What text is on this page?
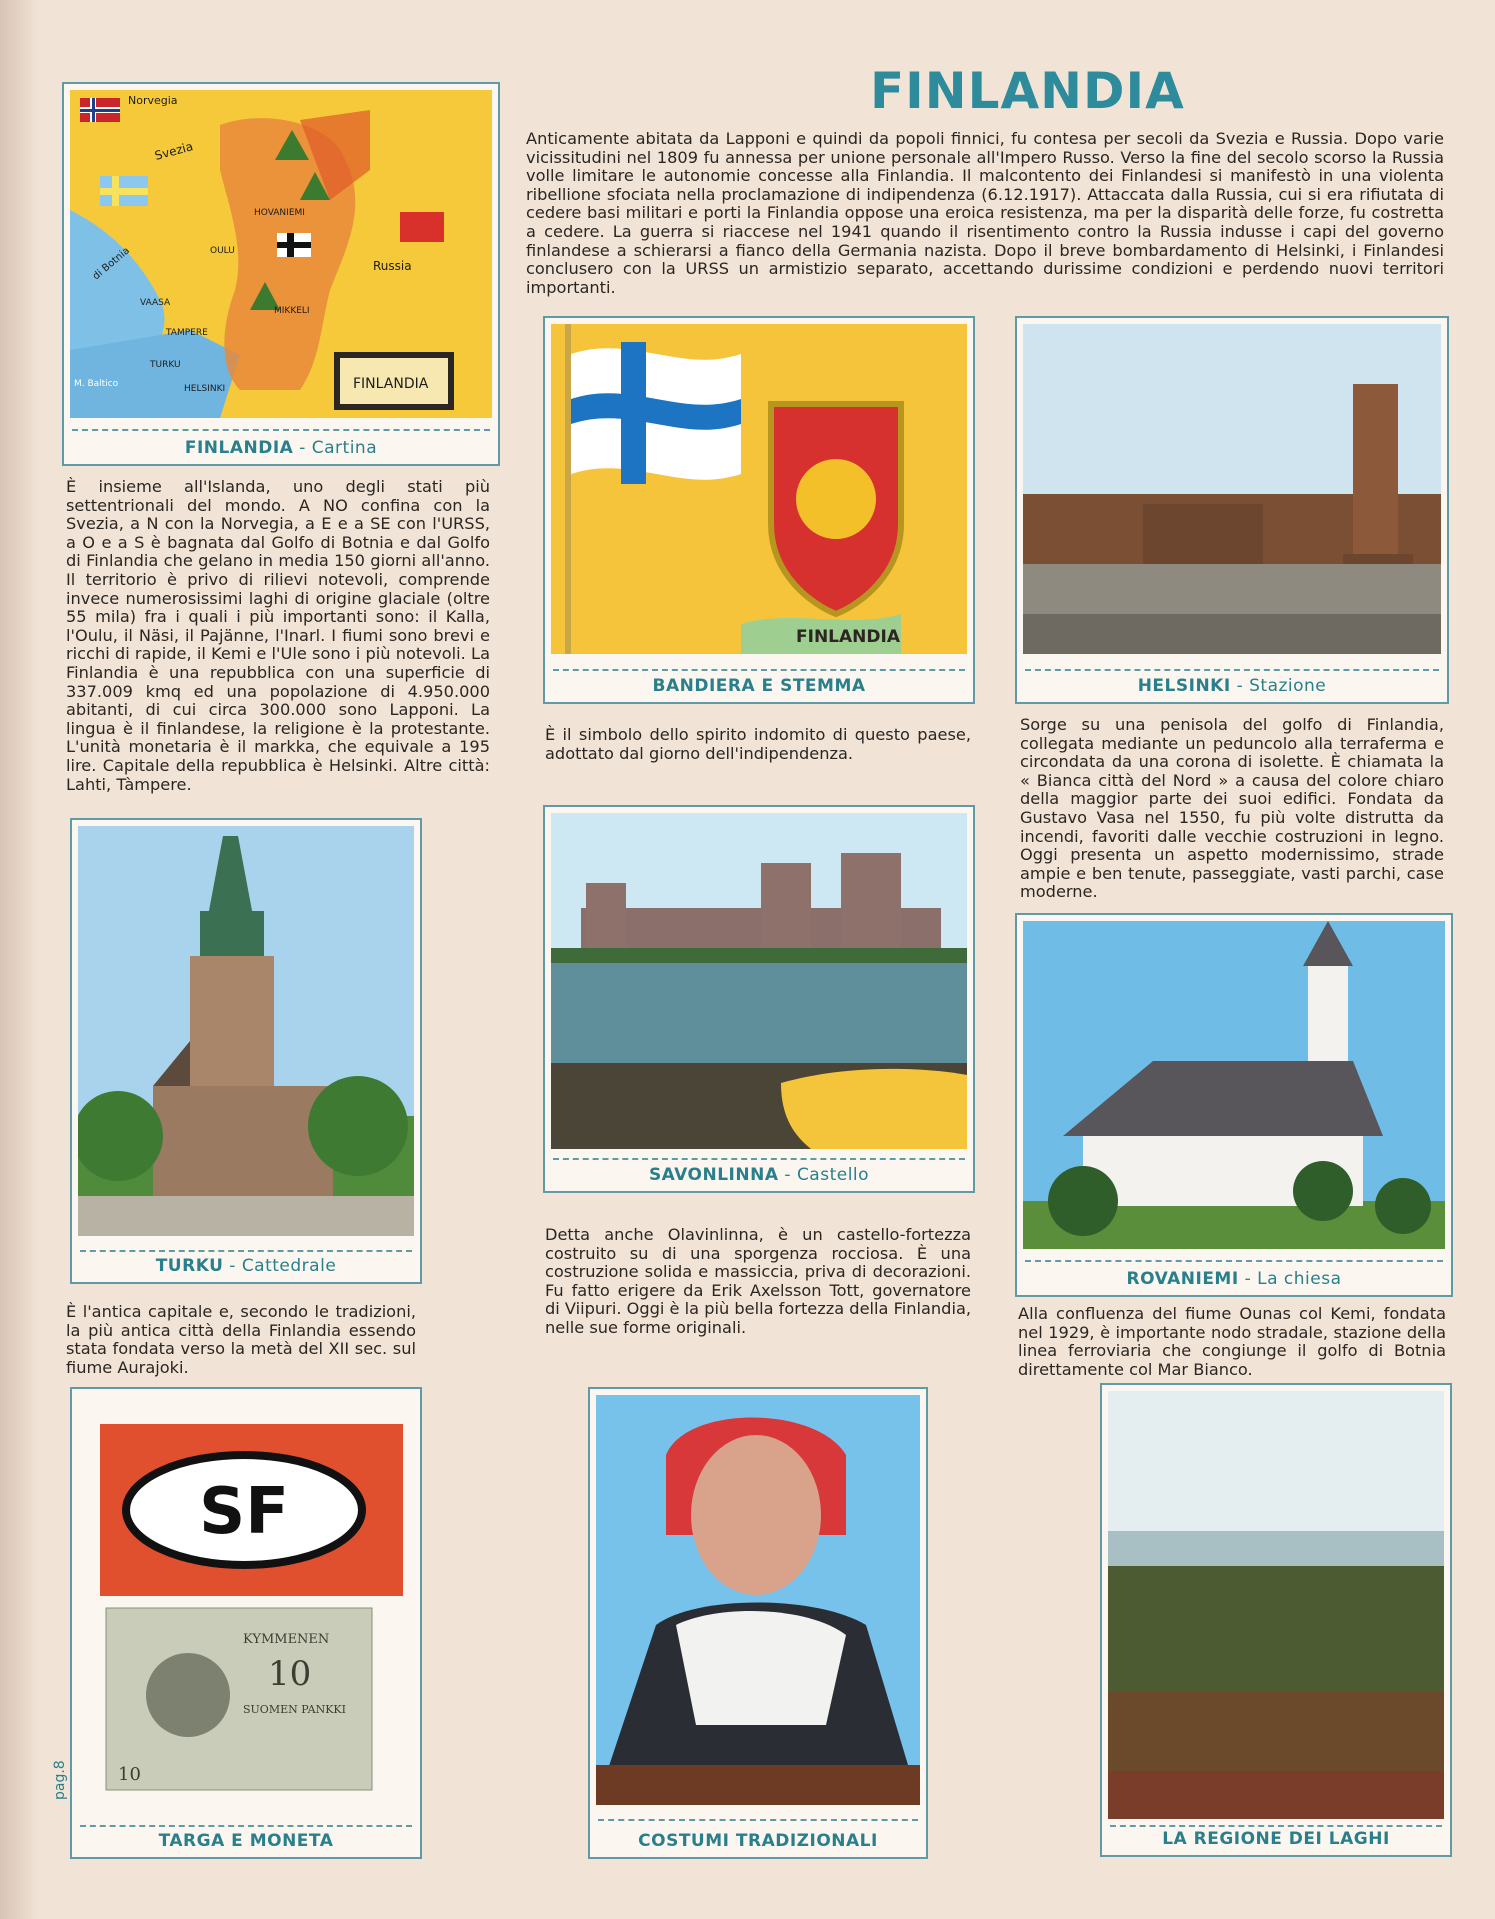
FINLANDIA
Anticamente abitata da Lapponi e quindi da popoli finnici, fu contesa per secoli da Svezia e Russia. Dopo varie vicissitudini nel 1809 fu annessa per unione personale all'Impero Russo. Verso la fine del secolo scorso la Russia volle limitare le autonomie concesse alla Finlandia. Il malcontento dei Finlandesi si manifestò in una violenta ribellione sfociata nella proclamazione di indipendenza (6.12.1917). Attaccata dalla Russia, cui si era rifiutata di cedere basi militari e porti la Finlandia oppose una eroica resistenza, ma per la disparità delle forze, fu costretta a cedere. La guerra si riaccese nel 1941 quando il risentimento contro la Russia indusse i capi del governo finlandese a schierarsi a fianco della Germania nazista. Dopo il breve bombardamento di Helsinki, i Finlandesi conclusero con la URSS un armistizio separato, accettando durissime condizioni e perdendo nuovi territori importanti.
Norvegia
Svezia
Russia
HOVANIEMI
OULU
di Botnia
VAASA
TAMPERE
MIKKELI
TURKU
HELSINKI
M. Baltico	FINLANDIA
FINLANDIA - Cartina
È insieme all'Islanda, uno degli stati più settentrionali del mondo. A NO confina con la Svezia, a N con la Norvegia, a E e a SE con l'URSS, a O e a S è bagnata dal Golfo di Botnia e dal Golfo di Finlandia che gelano in media 150 giorni all'anno. Il territorio è privo di rilievi notevoli, comprende invece numerosissimi laghi di origine glaciale (oltre 55 mila) fra i quali i più importanti sono: il Kalla, l'Oulu, il Näsi, il Pajänne, l'Inarl. I fiumi sono brevi e ricchi di rapide, il Kemi e l'Ule sono i più notevoli. La Finlandia è una repubblica con una superficie di 337.009 kmq ed una popolazione di 4.950.000 abitanti, di cui circa 300.000 sono Lapponi. La lingua è il finlandese, la religione è la protestante. L'unità monetaria è il markka, che equivale a 195 lire. Capitale della repubblica è Helsinki. Altre città: Lahti, Tàmpere.
FINLANDIA
BANDIERA E STEMMA
È il simbolo dello spirito indomito di questo paese, adottato dal giorno dell'indipendenza.
HELSINKI - Stazione
Sorge su una penisola del golfo di Finlandia, collegata mediante un peduncolo alla terraferma e circondata da una corona di isolette. È chiamata la « Bianca città del Nord » a causa del colore chiaro della maggior parte dei suoi edifici. Fondata da Gustavo Vasa nel 1550, fu più volte distrutta da incendi, favoriti dalle vecchie costruzioni in legno. Oggi presenta un aspetto modernissimo, strade ampie e ben tenute, passeggiate, vasti parchi, case moderne.
TURKU - Cattedrale
È l'antica capitale e, secondo le tradizioni, la più antica città della Finlandia essendo stata fondata verso la metà del XII sec. sul fiume Aurajoki.
SAVONLINNA - Castello
Detta anche Olavinlinna, è un castello-fortezza costruito su di una sporgenza rocciosa. È una costruzione solida e massiccia, priva di decorazioni. Fu fatto erigere da Erik Axelsson Tott, governatore di Viipuri. Oggi è la più bella fortezza della Finlandia, nelle sue forme originali.
ROVANIEMI - La chiesa
Alla confluenza del fiume Ounas col Kemi, fondata nel 1929, è importante nodo stradale, stazione della linea ferroviaria che congiunge il golfo di Botnia direttamente col Mar Bianco.
SF
KYMMENEN
10
SUOMEN PANKKI
10
TARGA E MONETA	COSTUMI TRADIZIONALI	LA REGIONE DEI LAGHI
pag.8
